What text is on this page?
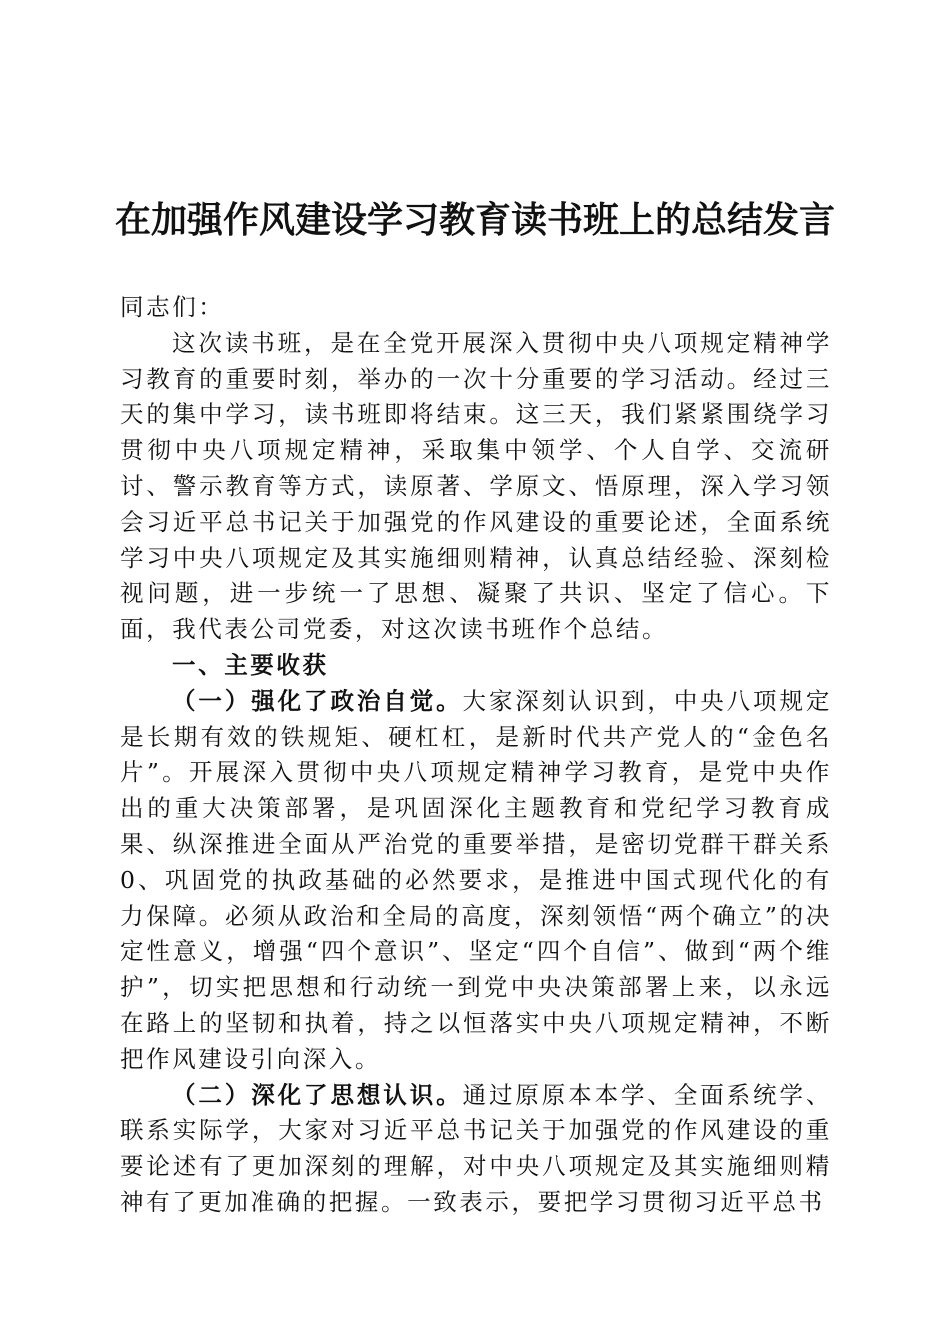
在加强作风建设学习教育读书班上的总结发言

同志们：

这次读书班，是在全党开展深入贯彻中央八项规定精神学习教育的重要时刻，举办的一次十分重要的学习活动。经过三天的集中学习，读书班即将结束。这三天，我们紧紧围绕学习贯彻中央八项规定精神，采取集中领学、个人自学、交流研讨、警示教育等方式，读原著、学原文、悟原理，深入学习领会习近平总书记关于加强党的作风建设的重要论述，全面系统学习中央八项规定及其实施细则精神，认真总结经验、深刻检视问题，进一步统一了思想、凝聚了共识、坚定了信心。下面，我代表公司党委，对这次读书班作个总结。

一、主要收获

（一）强化了政治自觉。大家深刻认识到，中央八项规定是长期有效的铁规矩、硬杠杠，是新时代共产党人的“金色名片”。开展深入贯彻中央八项规定精神学习教育，是党中央作出的重大决策部署，是巩固深化主题教育和党纪学习教育成果、纵深推进全面从严治党的重要举措，是密切党群干群关系 0、巩固党的执政基础的必然要求，是推进中国式现代化的有力保障。必须从政治和全局的高度，深刻领悟“两个确立”的决定性意义，增强“四个意识”、坚定“四个自信”、做到“两个维护”，切实把思想和行动统一到党中央决策部署上来，以永远在路上的坚韧和执着，持之以恒落实中央八项规定精神，不断把作风建设引向深入。

（二）深化了思想认识。通过原原本本学、全面系统学、联系实际学，大家对习近平总书记关于加强党的作风建设的重要论述有了更加深刻的理解，对中央八项规定及其实施细则精神有了更加准确的把握。一致表示，要把学习贯彻习近平总书
